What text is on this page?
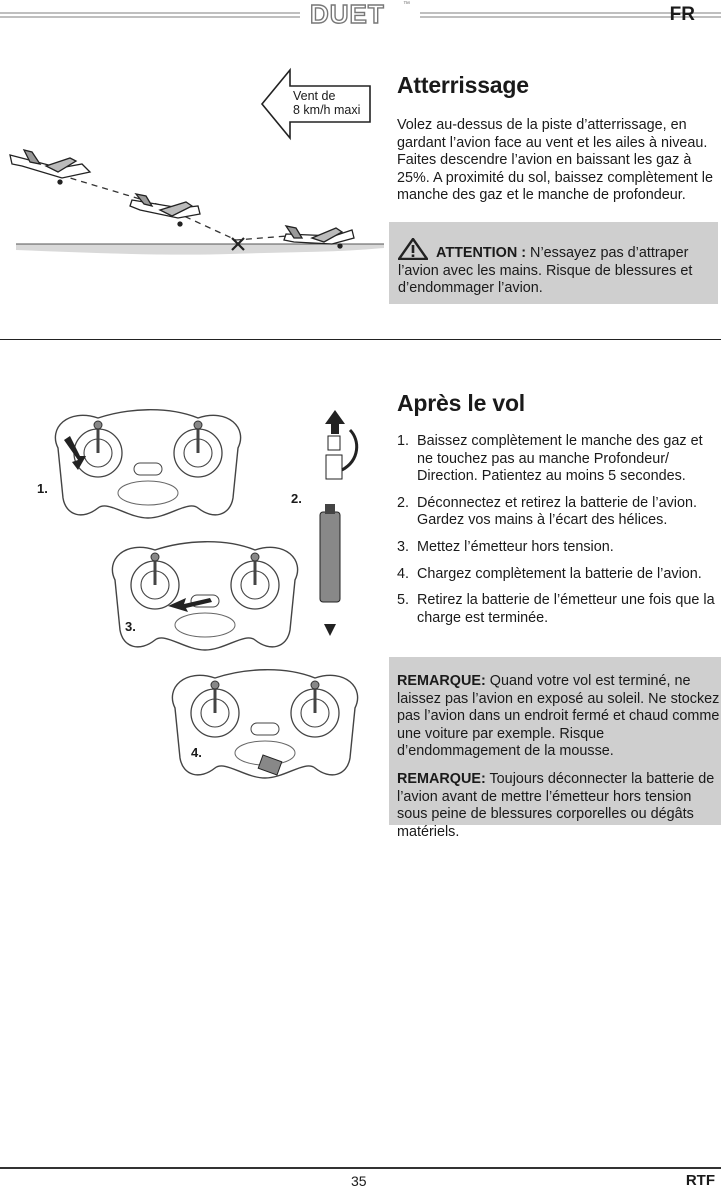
DUET	™	FR
Vent de
8 km/h maxi
Atterrissage
Volez au-dessus de la piste d’atterrissage, en gardant l’avion face au vent et les ailes à niveau. Faites descendre l’avion en baissant les gaz à 25%. A proximité du sol, baissez complètement le manche des gaz et le manche de profondeur.
ATTENTION : N’essayez pas d’attraper l’avion avec les mains. Risque de blessures et d’endommager l’avion.
1.
2.
3.
4.
Après le vol
1. Baissez complètement le manche des gaz et ne touchez pas au manche Profondeur/ Direction. Patientez au moins 5 secondes.
2. Déconnectez et retirez la batterie de l’avion. Gardez vos mains à l’écart des hélices.
3. Mettez l’émetteur hors tension.
4. Chargez complètement la batterie de l’avion.
5. Retirez la batterie de l’émetteur une fois que la charge est terminée.

REMARQUE: Quand votre vol est terminé, ne laissez pas l’avion en exposé au soleil. Ne stockez pas l’avion dans un endroit fermé et chaud comme une voiture par exemple. Risque d’endommagement de la mousse.

REMARQUE: Toujours déconnecter la batterie de l’avion avant de mettre l’émetteur hors tension sous peine de blessures corporelles ou dégâts matériels.

35	RTF
